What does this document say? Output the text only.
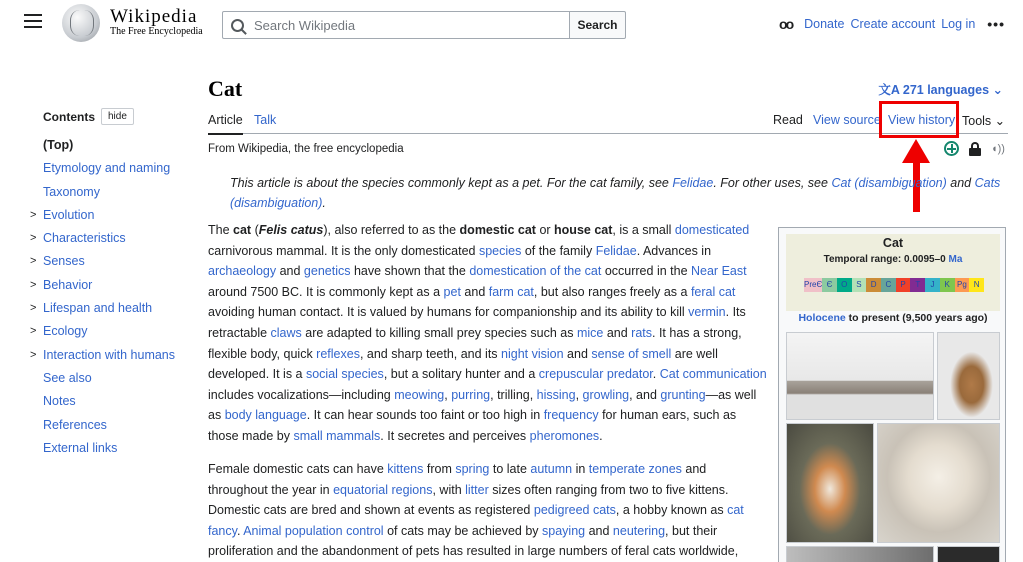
Wikipedia
The Free Encyclopedia
Search Wikipedia	Search	oo Donate Create account Log in •••
Contents	hide
(Top)
Etymology and naming
Taxonomy
> Evolution
> Characteristics
> Senses
> Behavior
> Lifespan and health
> Ecology
> Interaction with humans
See also
Notes
References
External links
Cat	文A 271 languages ⌄
Article Talk	Read View source View history Tools ⌄
From Wikipedia, the free encyclopedia	◖))
This article is about the species commonly kept as a pet. For the cat family, see Felidae. For other uses, see Cat (disambiguation) and Cats (disambiguation).
The cat (Felis catus), also referred to as the domestic cat or house cat, is a small domesticated carnivorous mammal. It is the only domesticated species of the family Felidae. Advances in archaeology and genetics have shown that the domestication of the cat occurred in the Near East around 7500 BC. It is commonly kept as a pet and farm cat, but also ranges freely as a feral cat avoiding human contact. It is valued by humans for companionship and its ability to kill vermin. Its retractable claws are adapted to killing small prey species such as mice and rats. It has a strong, flexible body, quick reflexes, and sharp teeth, and its night vision and sense of smell are well developed. It is a social species, but a solitary hunter and a crepuscular predator. Cat communication includes vocalizations—including meowing, purring, trilling, hissing, growling, and grunting—as well as body language. It can hear sounds too faint or too high in frequency for human ears, such as those made by small mammals. It secretes and perceives pheromones.
Female domestic cats can have kittens from spring to late autumn in temperate zones and throughout the year in equatorial regions, with litter sizes often ranging from two to five kittens. Domestic cats are bred and shown at events as registered pedigreed cats, a hobby known as cat fancy. Animal population control of cats may be achieved by spaying and neutering, but their proliferation and the abandonment of pets has resulted in large numbers of feral cats worldwide,
Cat
Temporal range: 0.0095–0 Ma
PreЄ Є	O	S	D	C	P	T	J	K Pg N
Holocene to present (9,500 years ago)
